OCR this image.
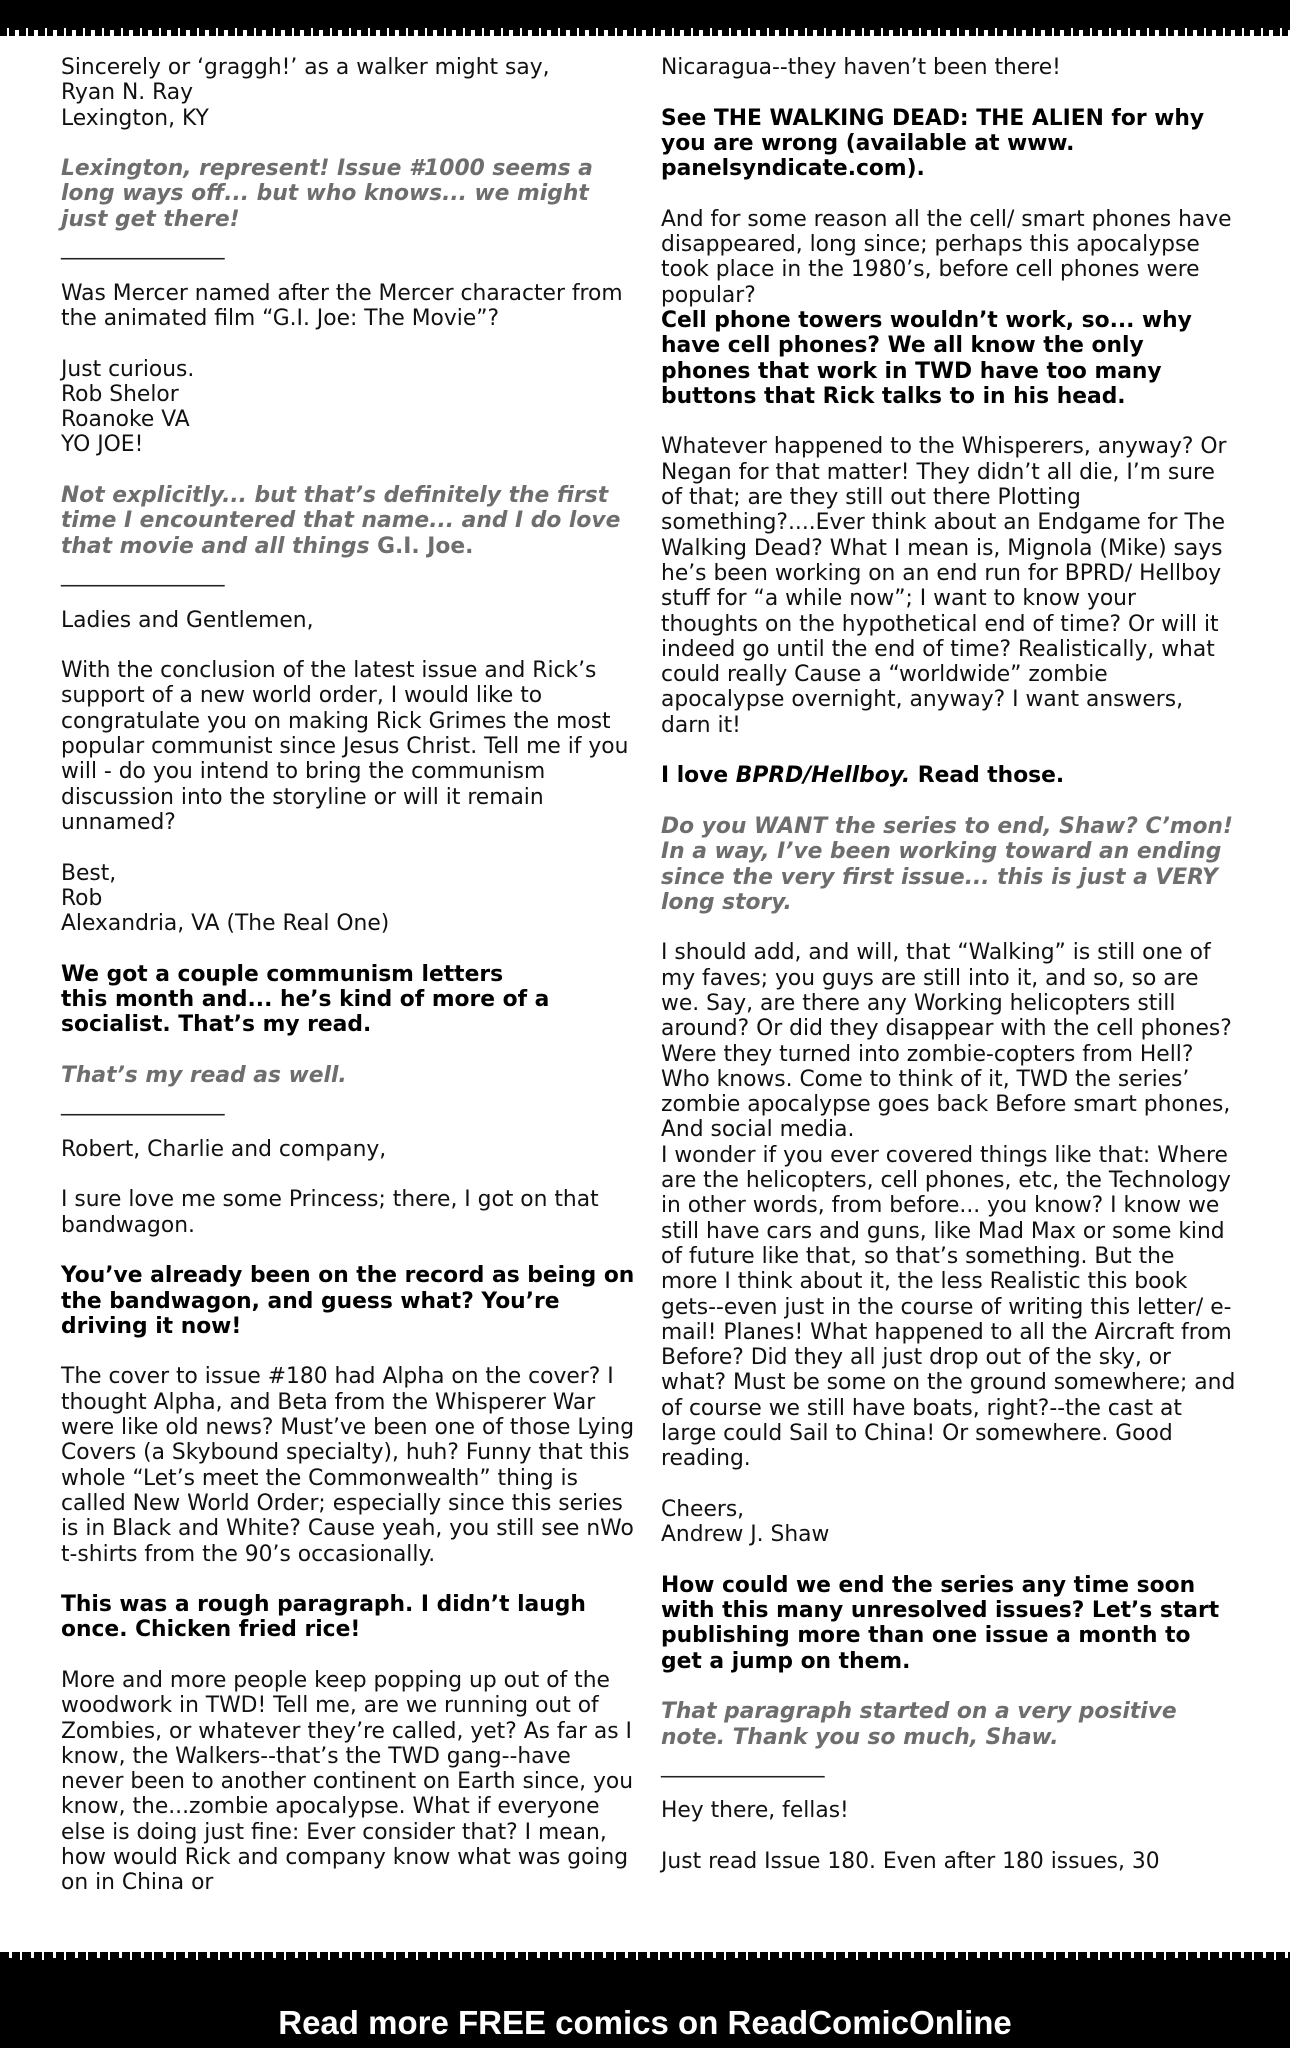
Sincerely or ‘graggh!’ as a walker might say,
Ryan N. Ray
Lexington, KY

Lexington, represent! Issue #1000 seems a long ways off... but who knows... we might just get there!

_______________

Was Mercer named after the Mercer character from the animated film “G.I. Joe: The Movie”?

Just curious.
Rob Shelor
Roanoke VA
YO JOE!

Not explicitly... but that’s definitely the first time I encountered that name... and I do love that movie and all things G.I. Joe.

_______________

Ladies and Gentlemen,

With the conclusion of the latest issue and Rick’s support of a new world order, I would like to congratulate you on making Rick Grimes the most popular communist since Jesus Christ. Tell me if you will - do you intend to bring the communism discussion into the storyline or will it remain unnamed?

Best,
Rob
Alexandria, VA (The Real One)

We got a couple communism letters
this month and... he’s kind of more of a socialist. That’s my read.

That’s my read as well.

_______________

Robert, Charlie and company,

I sure love me some Princess; there, I got on that bandwagon.

You’ve already been on the record as being on the bandwagon, and guess what? You’re driving it now!

The cover to issue #180 had Alpha on the cover? I thought Alpha, and Beta from the Whisperer War were like old news? Must’ve been one of those Lying Covers (a Skybound specialty), huh? Funny that this whole “Let’s meet the Commonwealth” thing is called New World Order; especially since this series is in Black and White? Cause yeah, you still see nWo t-shirts from the 90’s occasionally.

This was a rough paragraph. I didn’t laugh once. Chicken fried rice!

More and more people keep popping up out of the woodwork in TWD! Tell me, are we running out of Zombies, or whatever they’re called, yet? As far as I know, the Walkers--that’s the TWD gang--have never been to another continent on Earth since, you know, the...zombie apocalypse. What if everyone else is doing just fine: Ever consider that? I mean, how would Rick and company know what was going on in China or

Nicaragua--they haven’t been there!

See THE WALKING DEAD: THE ALIEN for why you are wrong (available at www. panelsyndicate.com).

And for some reason all the cell/ smart phones have disappeared, long since; perhaps this apocalypse took place in the 1980’s, before cell phones were popular?

Cell phone towers wouldn’t work, so... why have cell phones? We all know the only phones that work in TWD have too many buttons that Rick talks to in his head.

Whatever happened to the Whisperers, anyway? Or Negan for that matter! They didn’t all die, I’m sure of that; are they still out there Plotting something?....Ever think about an Endgame for The Walking Dead? What I mean is, Mignola (Mike) says he’s been working on an end run for BPRD/ Hellboy stuff for “a while now”; I want to know your thoughts on the hypothetical end of time? Or will it indeed go until the end of time? Realistically, what could really Cause a “worldwide” zombie apocalypse overnight, anyway? I want answers, darn it!

I love BPRD/Hellboy. Read those.

Do you WANT the series to end, Shaw? C’mon! In a way, I’ve been working toward an ending since the very first issue... this is just a VERY long story.

I should add, and will, that “Walking” is still one of my faves; you guys are still into it, and so, so are we. Say, are there any Working helicopters still around? Or did they disappear with the cell phones? Were they turned into zombie-copters from Hell? Who knows. Come to think of it, TWD the series’ zombie apocalypse goes back Before smart phones, And social media.
I wonder if you ever covered things like that: Where are the helicopters, cell phones, etc, the Technology in other words, from before... you know? I know we still have cars and guns, like Mad Max or some kind of future like that, so that’s something. But the more I think about it, the less Realistic this book gets--even just in the course of writing this letter/ e-mail! Planes! What happened to all the Aircraft from Before? Did they all just drop out of the sky, or what? Must be some on the ground somewhere; and of course we still have boats, right?--the cast at large could Sail to China! Or somewhere. Good reading.

Cheers,
Andrew J. Shaw

How could we end the series any time soon with this many unresolved issues? Let’s start publishing more than one issue a month to get a jump on them.

That paragraph started on a very positive note. Thank you so much, Shaw.

_______________

Hey there, fellas!

Just read Issue 180. Even after 180 issues, 30

Read more FREE comics on ReadComicOnline
